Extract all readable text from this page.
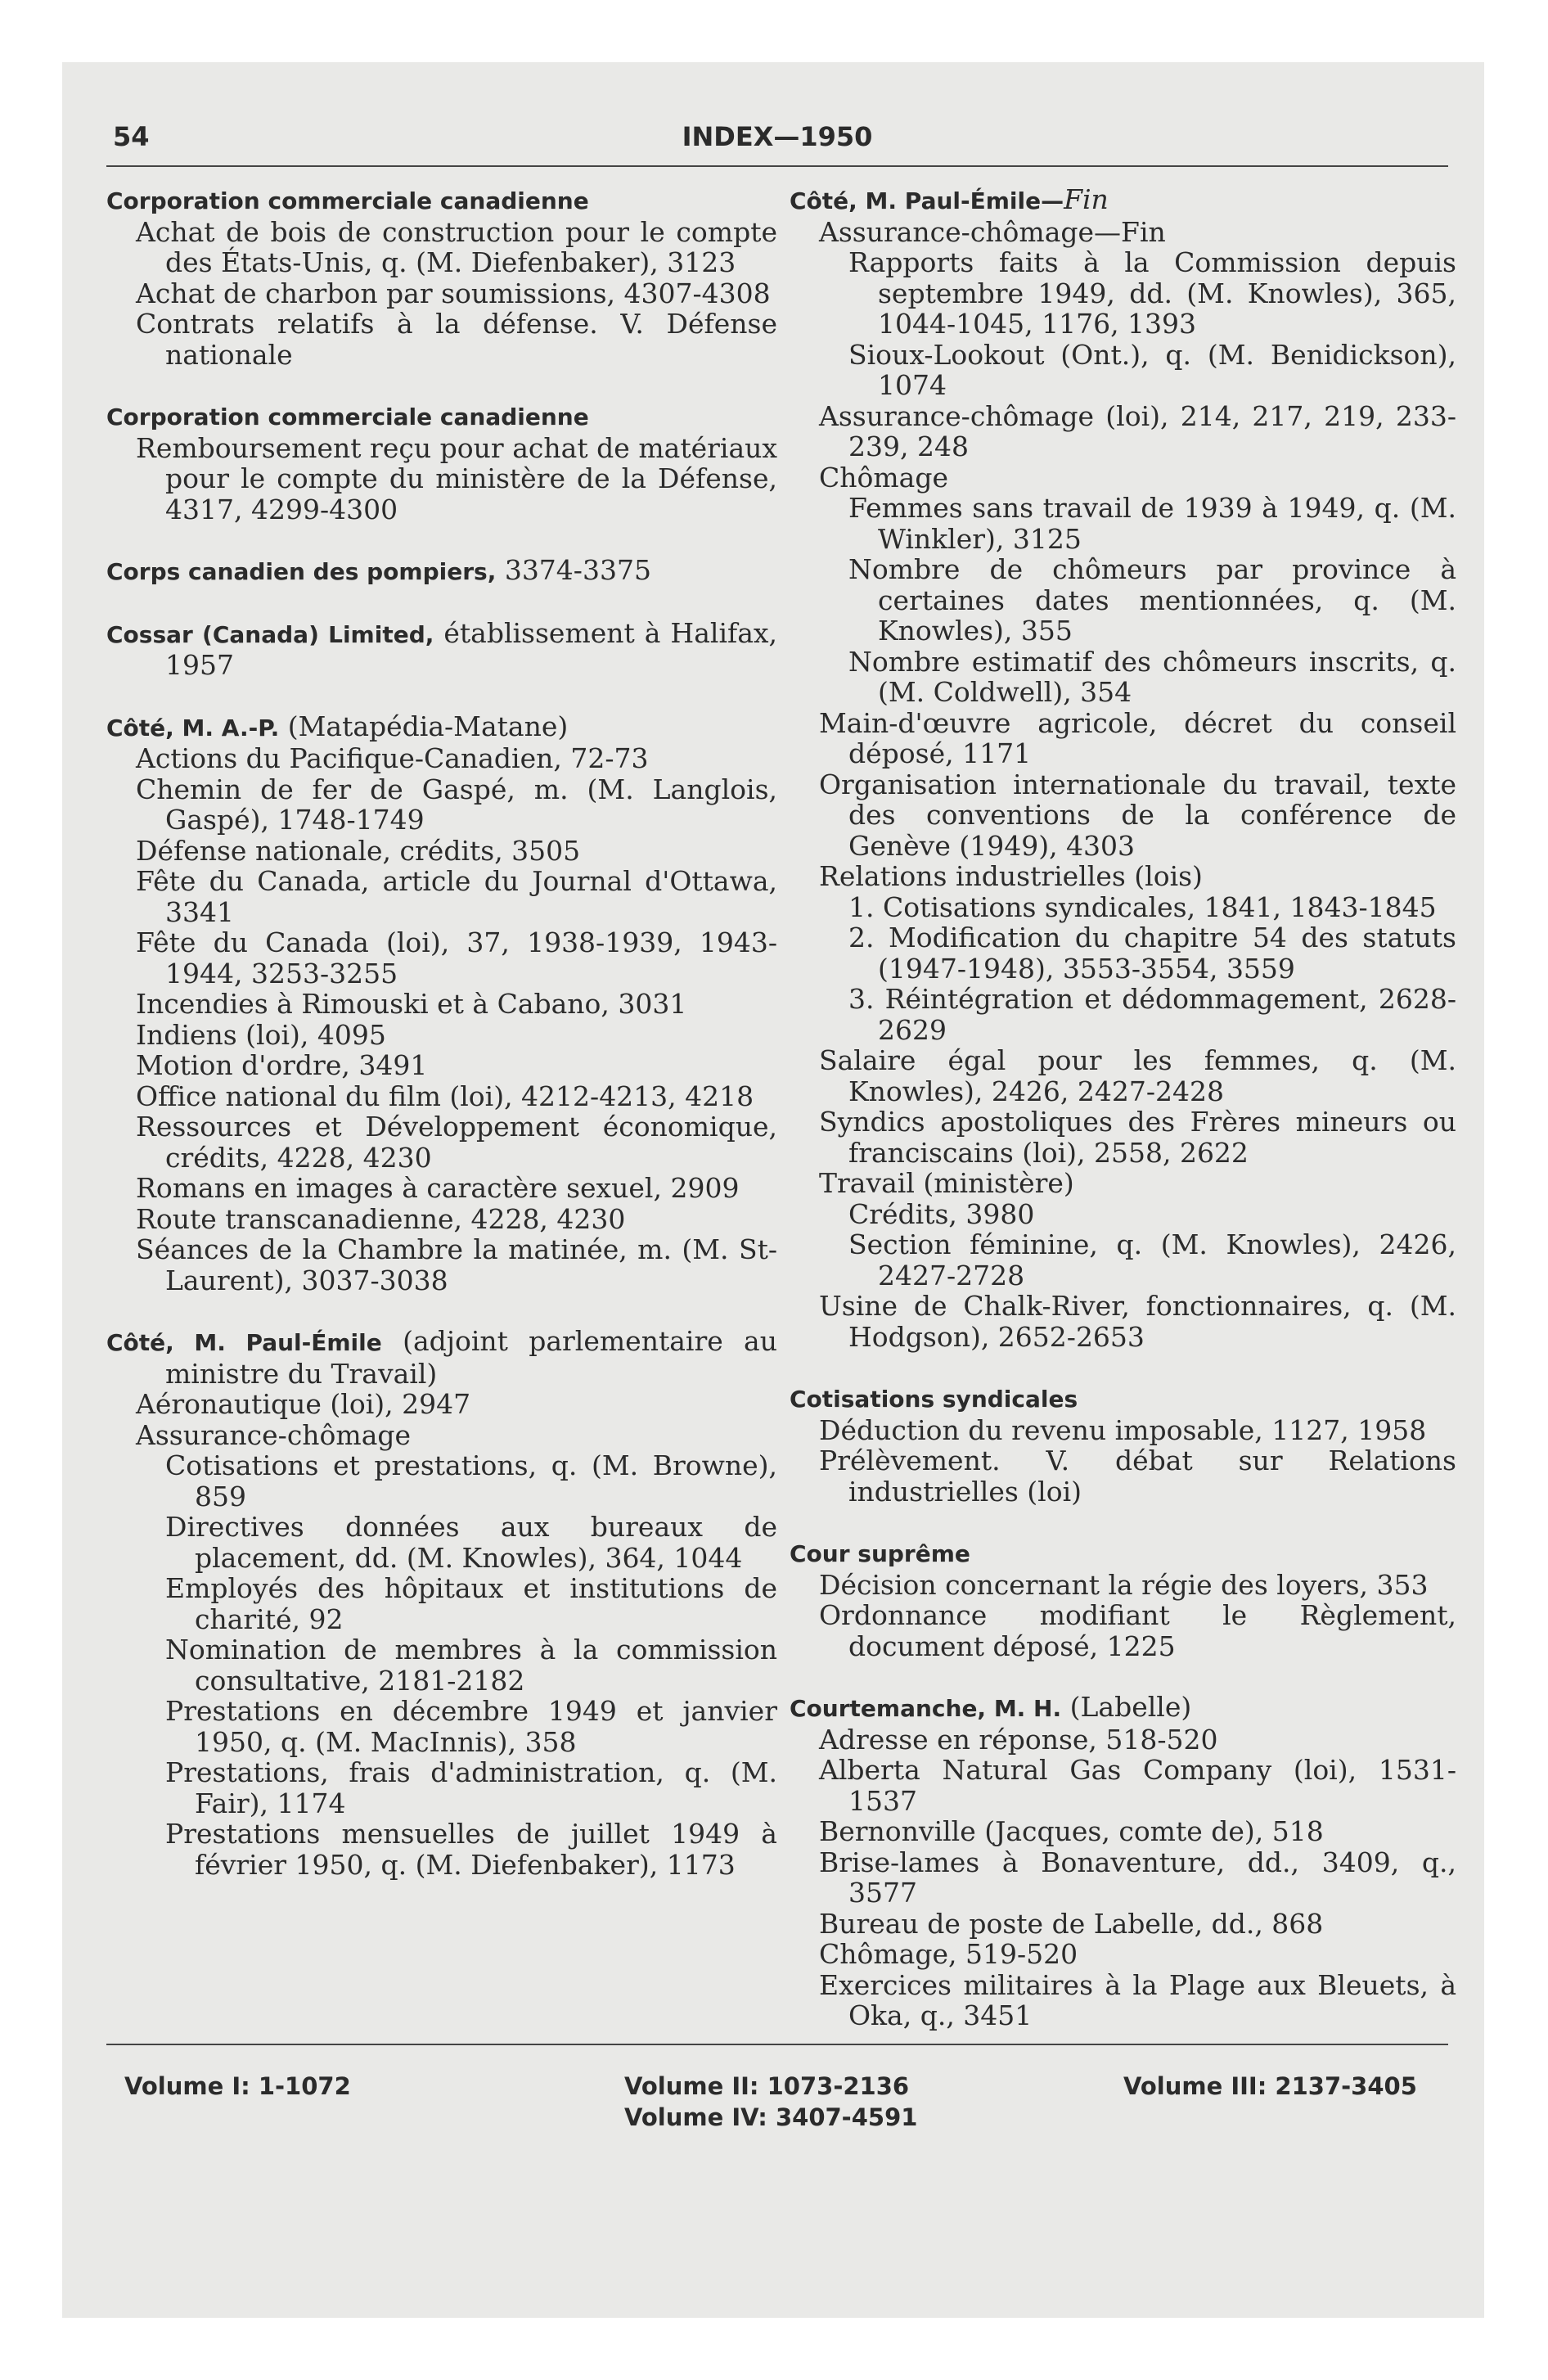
54	INDEX—1950
Corporation commerciale canadienne
Achat de bois de construction pour le compte des États-Unis, q. (M. Diefenbaker), 3123
Achat de charbon par soumissions, 4307-4308
Contrats relatifs à la défense. V. Défense nationale
Corporation commerciale canadienne
Remboursement reçu pour achat de matériaux pour le compte du ministère de la Défense, 4317, 4299-4300
Corps canadien des pompiers, 3374-3375
Cossar (Canada) Limited, établissement à Halifax, 1957
Côté, M. A.-P. (Matapédia-Matane)
Actions du Pacifique-Canadien, 72-73
Chemin de fer de Gaspé, m. (M. Langlois, Gaspé), 1748-1749
Défense nationale, crédits, 3505
Fête du Canada, article du Journal d'Ottawa, 3341
Fête du Canada (loi), 37, 1938-1939, 1943-1944, 3253-3255
Incendies à Rimouski et à Cabano, 3031
Indiens (loi), 4095
Motion d'ordre, 3491
Office national du film (loi), 4212-4213, 4218
Ressources et Développement économique, crédits, 4228, 4230
Romans en images à caractère sexuel, 2909
Route transcanadienne, 4228, 4230
Séances de la Chambre la matinée, m. (M. St-Laurent), 3037-3038
Côté, M. Paul-Émile (adjoint parlementaire au ministre du Travail)
Aéronautique (loi), 2947
Assurance-chômage
Cotisations et prestations, q. (M. Browne), 859
Directives données aux bureaux de placement, dd. (M. Knowles), 364, 1044
Employés des hôpitaux et institutions de charité, 92
Nomination de membres à la commission consultative, 2181-2182
Prestations en décembre 1949 et janvier 1950, q. (M. MacInnis), 358
Prestations, frais d'administration, q. (M. Fair), 1174
Prestations mensuelles de juillet 1949 à février 1950, q. (M. Diefenbaker), 1173
Côté, M. Paul-Émile—Fin
Assurance-chômage—Fin
Rapports faits à la Commission depuis septembre 1949, dd. (M. Knowles), 365, 1044-1045, 1176, 1393
Sioux-Lookout (Ont.), q. (M. Benidickson), 1074
Assurance-chômage (loi), 214, 217, 219, 233-239, 248
Chômage
Femmes sans travail de 1939 à 1949, q. (M. Winkler), 3125
Nombre de chômeurs par province à certaines dates mentionnées, q. (M. Knowles), 355
Nombre estimatif des chômeurs inscrits, q. (M. Coldwell), 354
Main-d'œuvre agricole, décret du conseil déposé, 1171
Organisation internationale du travail, texte des conventions de la conférence de Genève (1949), 4303
Relations industrielles (lois)
1. Cotisations syndicales, 1841, 1843-1845
2. Modification du chapitre 54 des statuts (1947-1948), 3553-3554, 3559
3. Réintégration et dédommagement, 2628-2629
Salaire égal pour les femmes, q. (M. Knowles), 2426, 2427-2428
Syndics apostoliques des Frères mineurs ou franciscains (loi), 2558, 2622
Travail (ministère)
Crédits, 3980
Section féminine, q. (M. Knowles), 2426, 2427-2728
Usine de Chalk-River, fonctionnaires, q. (M. Hodgson), 2652-2653
Cotisations syndicales
Déduction du revenu imposable, 1127, 1958
Prélèvement. V. débat sur Relations industrielles (loi)
Cour suprême
Décision concernant la régie des loyers, 353
Ordonnance modifiant le Règlement, document déposé, 1225
Courtemanche, M. H. (Labelle)
Adresse en réponse, 518-520
Alberta Natural Gas Company (loi), 1531-1537
Bernonville (Jacques, comte de), 518
Brise-lames à Bonaventure, dd., 3409, q., 3577
Bureau de poste de Labelle, dd., 868
Chômage, 519-520
Exercices militaires à la Plage aux Bleuets, à Oka, q., 3451
Volume I: 1-1072	Volume II: 1073-2136
Volume IV: 3407-4591
Volume III: 2137-3405
